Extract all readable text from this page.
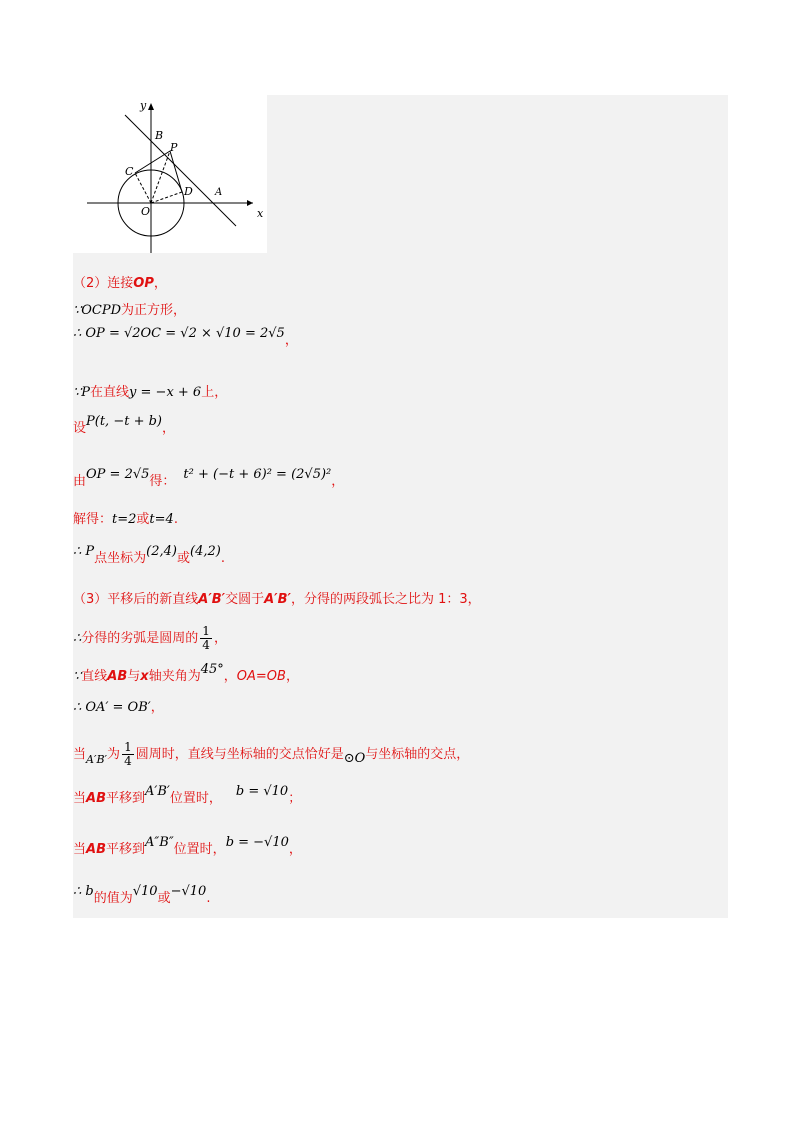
y
x
B
P
C
D A
O
（2）连接OP，
∵OCPD为正方形，
∴ OP = √2OC = √2 × √10 = 2√5，
∵P在直线y = −x + 6上，
设P(t, −t + b)，
由OP = 2√5得： t² + (−t + 6)² = (2√5)²，
解得：t=2或t=4.
∴ P点坐标为(2,4)或(4,2).
（3）平移后的新直线A′B′交圆于A′B′，分得的两段弧长之比为 1：3，
∴分得的劣弧是圆周的 $\frac{1}{4}$ ，
∵直线AB与x轴夹角为45°，OA=OB，
∴ OA′ = OB′，
当$_{A'B'}$为 $\frac{1}{4}$ 圆周时，直线与坐标轴的交点恰好是⊙O与坐标轴的交点，
当AB平移到A′B′位置时， b = √10；
当AB平移到A″B″位置时，b = −√10，
∴ b的值为√10或−√10.
